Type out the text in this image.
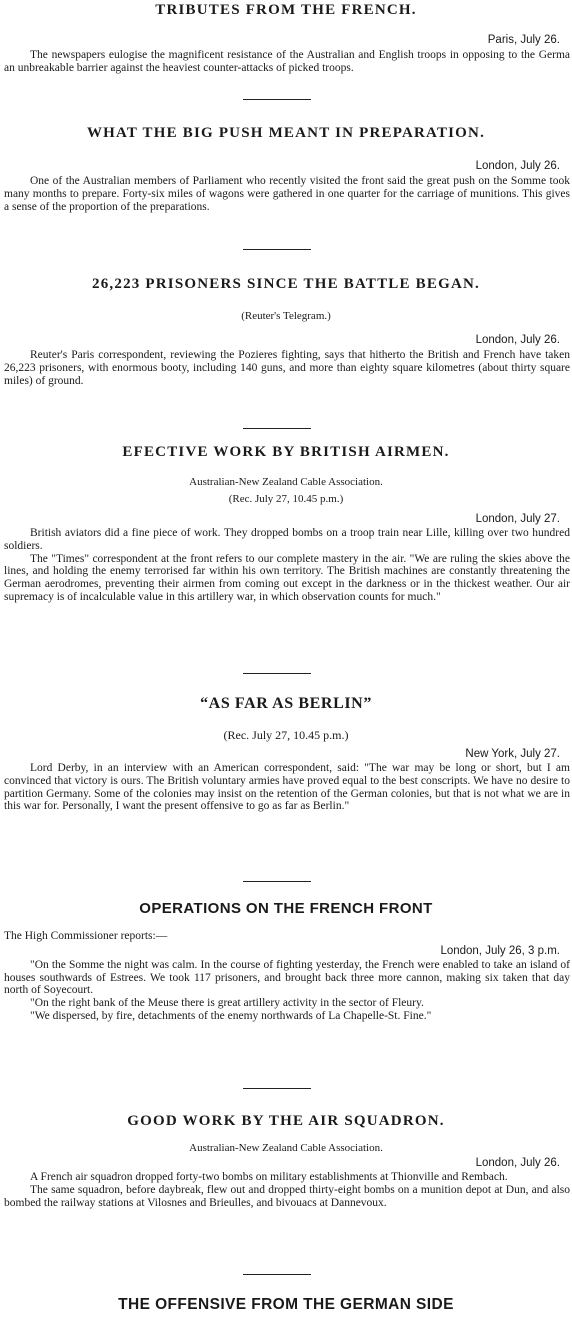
TRIBUTES FROM THE FRENCH.

Paris, July 26.

The newspapers eulogise the magnificent resistance of the Australian and English troops in opposing to the Germa an unbreakable barrier against the heaviest counter-attacks of picked troops.

WHAT THE BIG PUSH MEANT IN PREPARATION.

London, July 26.

One of the Australian members of Parliament who recently visited the front said the great push on the Somme took many months to prepare. Forty-six miles of wagons were gathered in one quarter for the carriage of munitions. This gives a sense of the proportion of the preparations.

26,223 PRISONERS SINCE THE BATTLE BEGAN.

(Reuter's Telegram.)

London, July 26.

Reuter's Paris correspondent, reviewing the Pozieres fighting, says that hitherto the British and French have taken 26,223 prisoners, with enormous booty, including 140 guns, and more than eighty square kilometres (about thirty square miles) of ground.

EFECTIVE WORK BY BRITISH AIRMEN.

Australian-New Zealand Cable Association.

(Rec. July 27, 10.45 p.m.)

London, July 27.

British aviators did a fine piece of work. They dropped bombs on a troop train near Lille, killing over two hundred soldiers.

The "Times" correspondent at the front refers to our complete mastery in the air. "We are ruling the skies above the lines, and holding the enemy terrorised far within his own territory. The British machines are constantly threatening the German aerodromes, preventing their airmen from coming out except in the darkness or in the thickest weather. Our air supremacy is of incalculable value in this artillery war, in which observation counts for much."

“AS FAR AS BERLIN”

(Rec. July 27, 10.45 p.m.)

New York, July 27.

Lord Derby, in an interview with an American correspondent, said: "The war may be long or short, but I am convinced that victory is ours. The British voluntary armies have proved equal to the best conscripts. We have no desire to partition Germany. Some of the colonies may insist on the retention of the German colonies, but that is not what we are in this war for. Personally, I want the present offensive to go as far as Berlin."

OPERATIONS ON THE FRENCH FRONT

The High Commissioner reports:—

London, July 26, 3 p.m.

"On the Somme the night was calm. In the course of fighting yesterday, the French were enabled to take an island of houses southwards of Estrees. We took 117 prisoners, and brought back three more cannon, making six taken that day north of Soyecourt.

"On the right bank of the Meuse there is great artillery activity in the sector of Fleury.

"We dispersed, by fire, detachments of the enemy northwards of La Chapelle-St. Fine."

GOOD WORK BY THE AIR SQUADRON.

Australian-New Zealand Cable Association.

London, July 26.

A French air squadron dropped forty-two bombs on military establishments at Thionville and Rembach.

The same squadron, before daybreak, flew out and dropped thirty-eight bombs on a munition depot at Dun, and also bombed the railway stations at Vilosnes and Brieulles, and bivouacs at Dannevoux.

THE OFFENSIVE FROM THE GERMAN SIDE
